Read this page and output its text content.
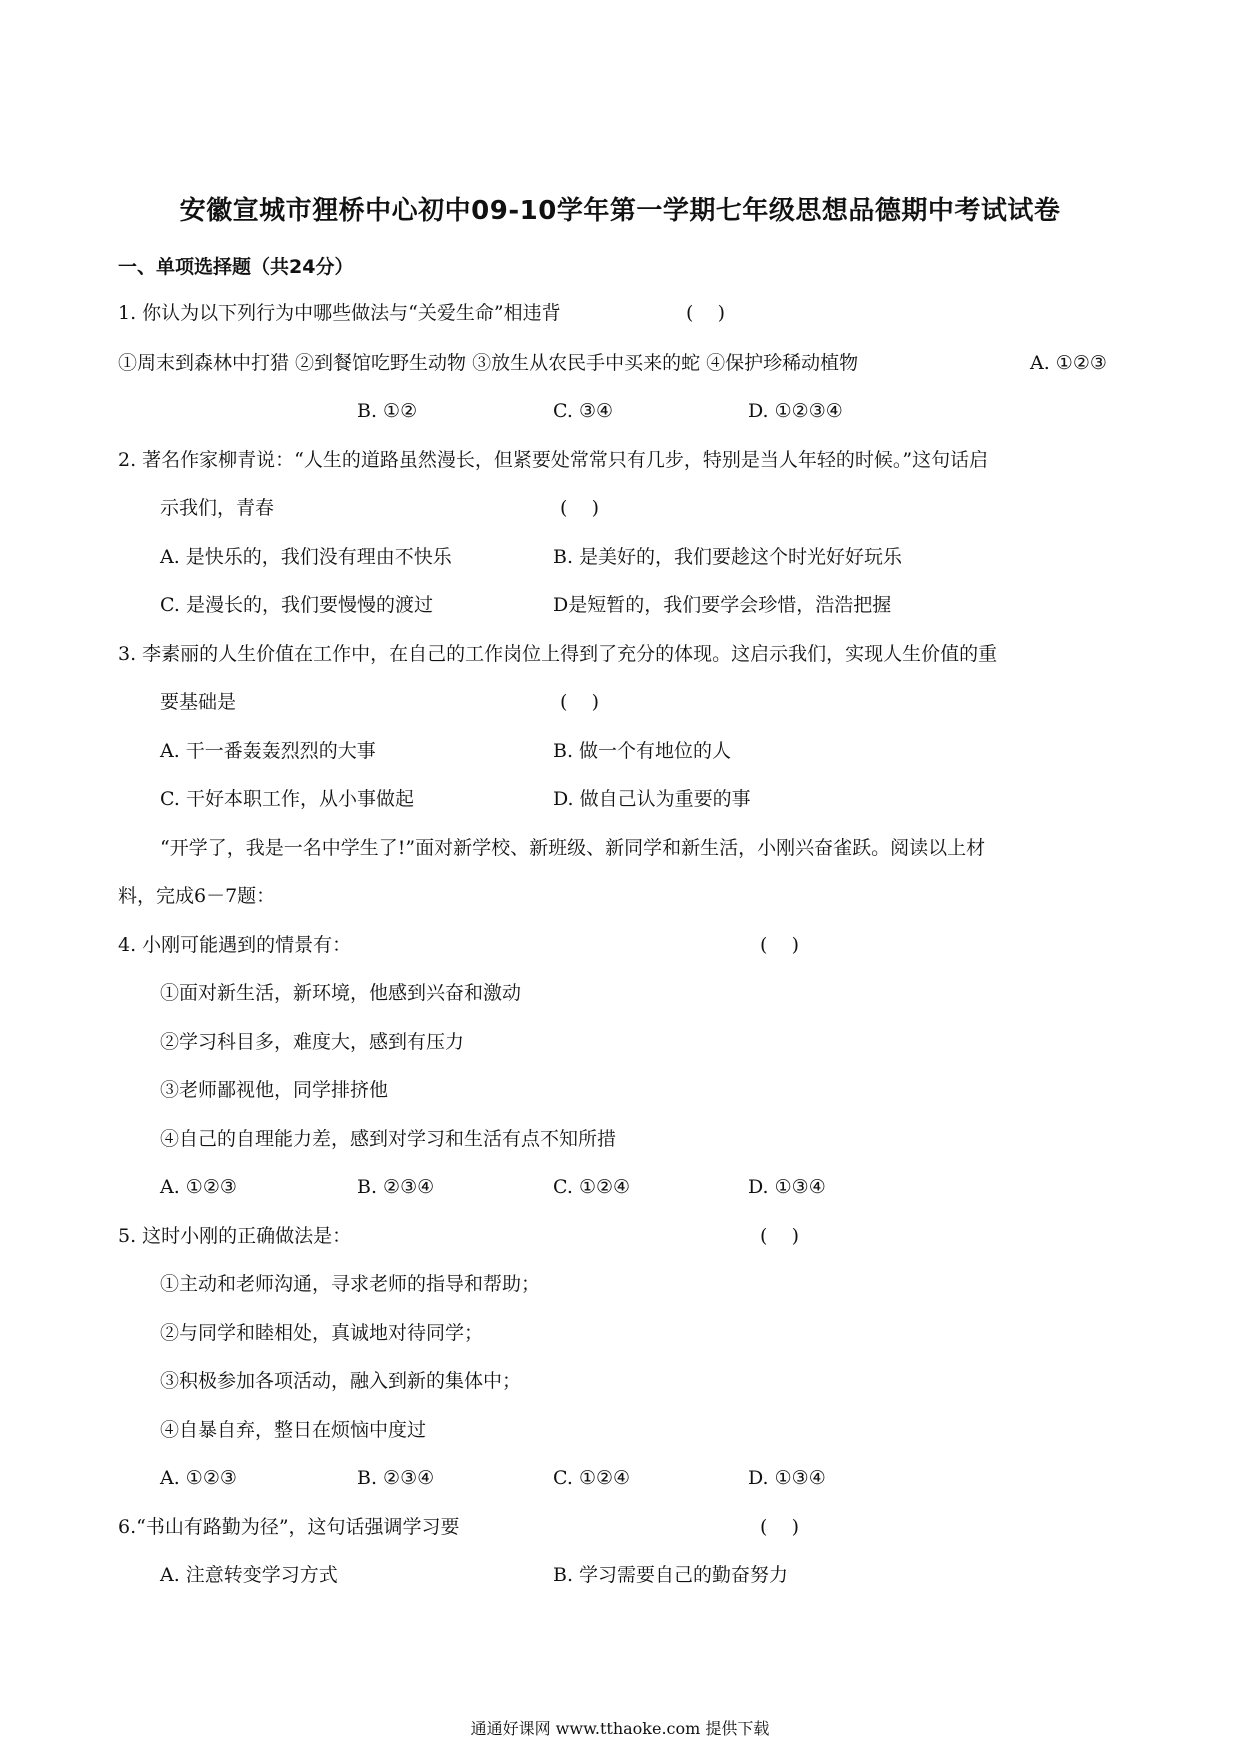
安徽宣城市狸桥中心初中09-10学年第一学期七年级思想品德期中考试试卷
一、单项选择题（共24分）
1. 你认为以下列行为中哪些做法与“关爱生命”相违背	(    )
①周末到森林中打猎 ②到餐馆吃野生动物 ③放生从农民手中买来的蛇 ④保护珍稀动植物	A. ①②③
B. ①②	C. ③④	D. ①②③④
2. 著名作家柳青说：“人生的道路虽然漫长，但紧要处常常只有几步，特别是当人年轻的时候。”这句话启
示我们，青春	(    )
A. 是快乐的，我们没有理由不快乐	B. 是美好的，我们要趁这个时光好好玩乐
C. 是漫长的，我们要慢慢的渡过	D是短暂的，我们要学会珍惜，浩浩把握
3. 李素丽的人生价值在工作中，在自己的工作岗位上得到了充分的体现。这启示我们，实现人生价值的重
要基础是	(    )
A. 干一番轰轰烈烈的大事	B. 做一个有地位的人
C. 干好本职工作，从小事做起	D. 做自己认为重要的事
“开学了，我是一名中学生了!”面对新学校、新班级、新同学和新生活，小刚兴奋雀跃。阅读以上材
料，完成6－7题：
4. 小刚可能遇到的情景有：	(    )
①面对新生活，新环境，他感到兴奋和激动
②学习科目多，难度大，感到有压力
③老师鄙视他，同学排挤他
④自己的自理能力差，感到对学习和生活有点不知所措
A. ①②③	B. ②③④	C. ①②④	D. ①③④
5. 这时小刚的正确做法是：	(    )
①主动和老师沟通，寻求老师的指导和帮助；
②与同学和睦相处，真诚地对待同学；
③积极参加各项活动，融入到新的集体中；
④自暴自弃，整日在烦恼中度过
A. ①②③	B. ②③④	C. ①②④	D. ①③④
6.“书山有路勤为径”，这句话强调学习要	(    )
A. 注意转变学习方式	B. 学习需要自己的勤奋努力
通通好课网 www.tthaoke.com 提供下载
